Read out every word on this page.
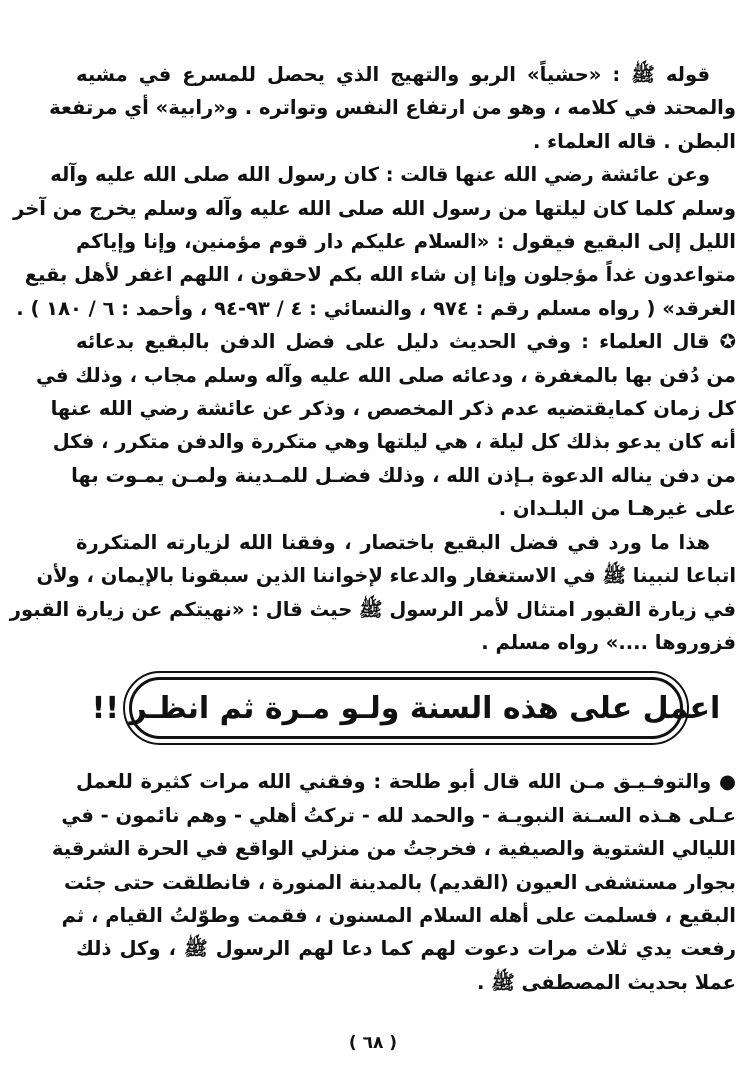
قوله ﷺ : «حشياً» الربو والتهيج الذي يحصل للمسرع في مشيه
والمحتد في كلامه ، وهو من ارتفاع النفس وتواتره . و«رابية» أي مرتفعة
البطن . قاله العلماء .

وعن عائشة رضي الله عنها قالت : كان رسول الله صلى الله عليه وآله
وسلم كلما كان ليلتها من رسول الله صلى الله عليه وآله وسلم يخرج من آخر
الليل إلى البقيع فيقول : «السلام عليكم دار قوم مؤمنين، وإنا وإياكم
متواعدون غداً مؤجلون وإنا إن شاء الله بكم لاحقون ، اللهم اغفر لأهل بقيع
الغرقد» ( رواه مسلم رقم : ٩٧٤ ، والنسائي : ٤ / ٩٣-٩٤ ، وأحمد : ٦ / ١٨٠ ) .

✪ قال العلماء : وفي الحديث دليل على فضل الدفن بالبقيع بدعائه
من دُفن بها بالمغفرة ، ودعائه صلى الله عليه وآله وسلم مجاب ، وذلك في
كل زمان كمايقتضيه عدم ذكر المخصص ، وذكر عن عائشة رضي الله عنها
أنه كان يدعو بذلك كل ليلة ، هي ليلتها وهي متكررة والدفن متكرر ، فكل
من دفن يناله الدعوة بـإذن الله ، وذلك فضـل للمـدينة ولمـن يمـوت بها
على غيرهـا من البلـدان .

هذا ما ورد في فضل البقيع باختصار ، وفقنا الله لزيارته المتكررة
اتباعا لنبينا ﷺ في الاستغفار والدعاء لإخواننا الذين سبقونا بالإيمان ، ولأن
في زيارة القبور امتثال لأمر الرسول ﷺ حيث قال : «نهيتكم عن زيارة القبور
فزوروها ....» رواه مسلم .

اعمل على هذه السنة ولـو مـرة ثم انظـر !!

● والتوفـيـق مـن الله قال أبو طلحة : وفقني الله مرات كثيرة للعمل
عـلى هـذه السـنة النبويـة - والحمد لله - تركتُ أهلي - وهم نائمون - في
الليالي الشتوية والصيفية ، فخرجتُ من منزلي الواقع في الحرة الشرقية
بجوار مستشفى العيون (القديم) بالمدينة المنورة ، فانطلقت حتى جئت
البقيع ، فسلمت على أهله السلام المسنون ، فقمت وطوّلتُ القيام ، ثم
رفعت يدي ثلاث مرات دعوت لهم كما دعا لهم الرسول ﷺ ، وكل ذلك
عملا بحديث المصطفى ﷺ .

( ٦٨ )
